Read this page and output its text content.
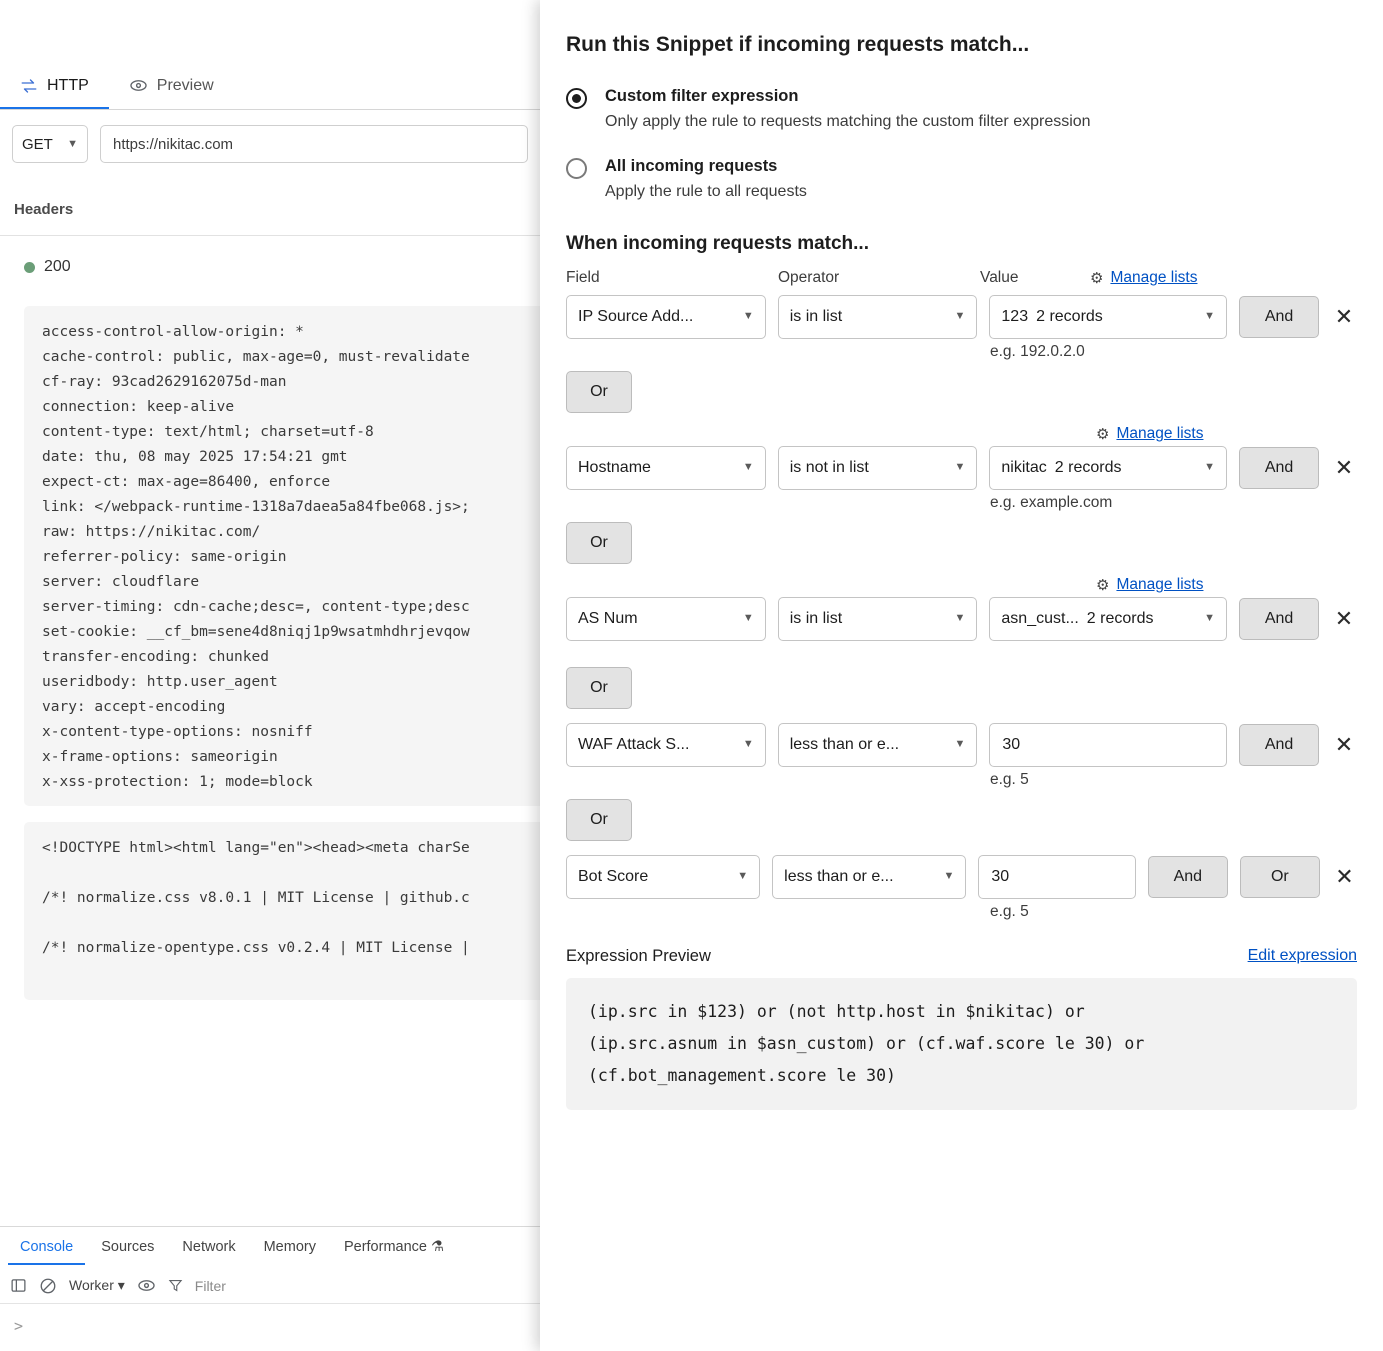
HTTP	Preview
GET ▼ https://nikitac.com
Headers
200
access-control-allow-origin: *
cache-control: public, max-age=0, must-revalidate
cf-ray: 93cad2629162075d-man
connection: keep-alive
content-type: text/html; charset=utf-8
date: thu, 08 may 2025 17:54:21 gmt
expect-ct: max-age=86400, enforce
link: </webpack-runtime-1318a7daea5a84fbe068.js>;
raw: https://nikitac.com/
referrer-policy: same-origin
server: cloudflare
server-timing: cdn-cache;desc=, content-type;desc
set-cookie: __cf_bm=sene4d8niqj1p9wsatmhdhrjevqow
transfer-encoding: chunked
useridbody: http.user_agent
vary: accept-encoding
x-content-type-options: nosniff
x-frame-options: sameorigin
x-xss-protection: 1; mode=block
<!DOCTYPE html><html lang="en"><head><meta charSe

/*! normalize.css v8.0.1 | MIT License | github.c

/*! normalize-opentype.css v0.2.4 | MIT License |
Console	Sources	Network	Memory	Performance ⚗
Worker ▾	Filter
>
Run this Snippet if incoming requests match...
Custom filter expression
Only apply the rule to requests matching the custom filter expression
All incoming requests
Apply the rule to all requests
When incoming requests match...
Field	Operator	Value	⚙ Manage lists
IP Source Add...	▼ is in list	▼ 123 2 records	▼	And	✕
e.g. 192.0.2.0
Or
⚙ Manage lists
Hostname	▼ is not in list	▼ nikitac 2 records	▼	And	✕
e.g. example.com
Or
⚙ Manage lists
AS Num	▼ is in list	▼ asn_cust... 2 records	▼	And	✕
Or
WAF Attack S...	▼ less than or e...	▼ 30	And	✕
e.g. 5
Or
Bot Score	▼ less than or e...	▼ 30	And	Or	✕
e.g. 5
Expression Preview	Edit expression
(ip.src in $123) or (not http.host in $nikitac) or
(ip.src.asnum in $asn_custom) or (cf.waf.score le 30) or
(cf.bot_management.score le 30)
